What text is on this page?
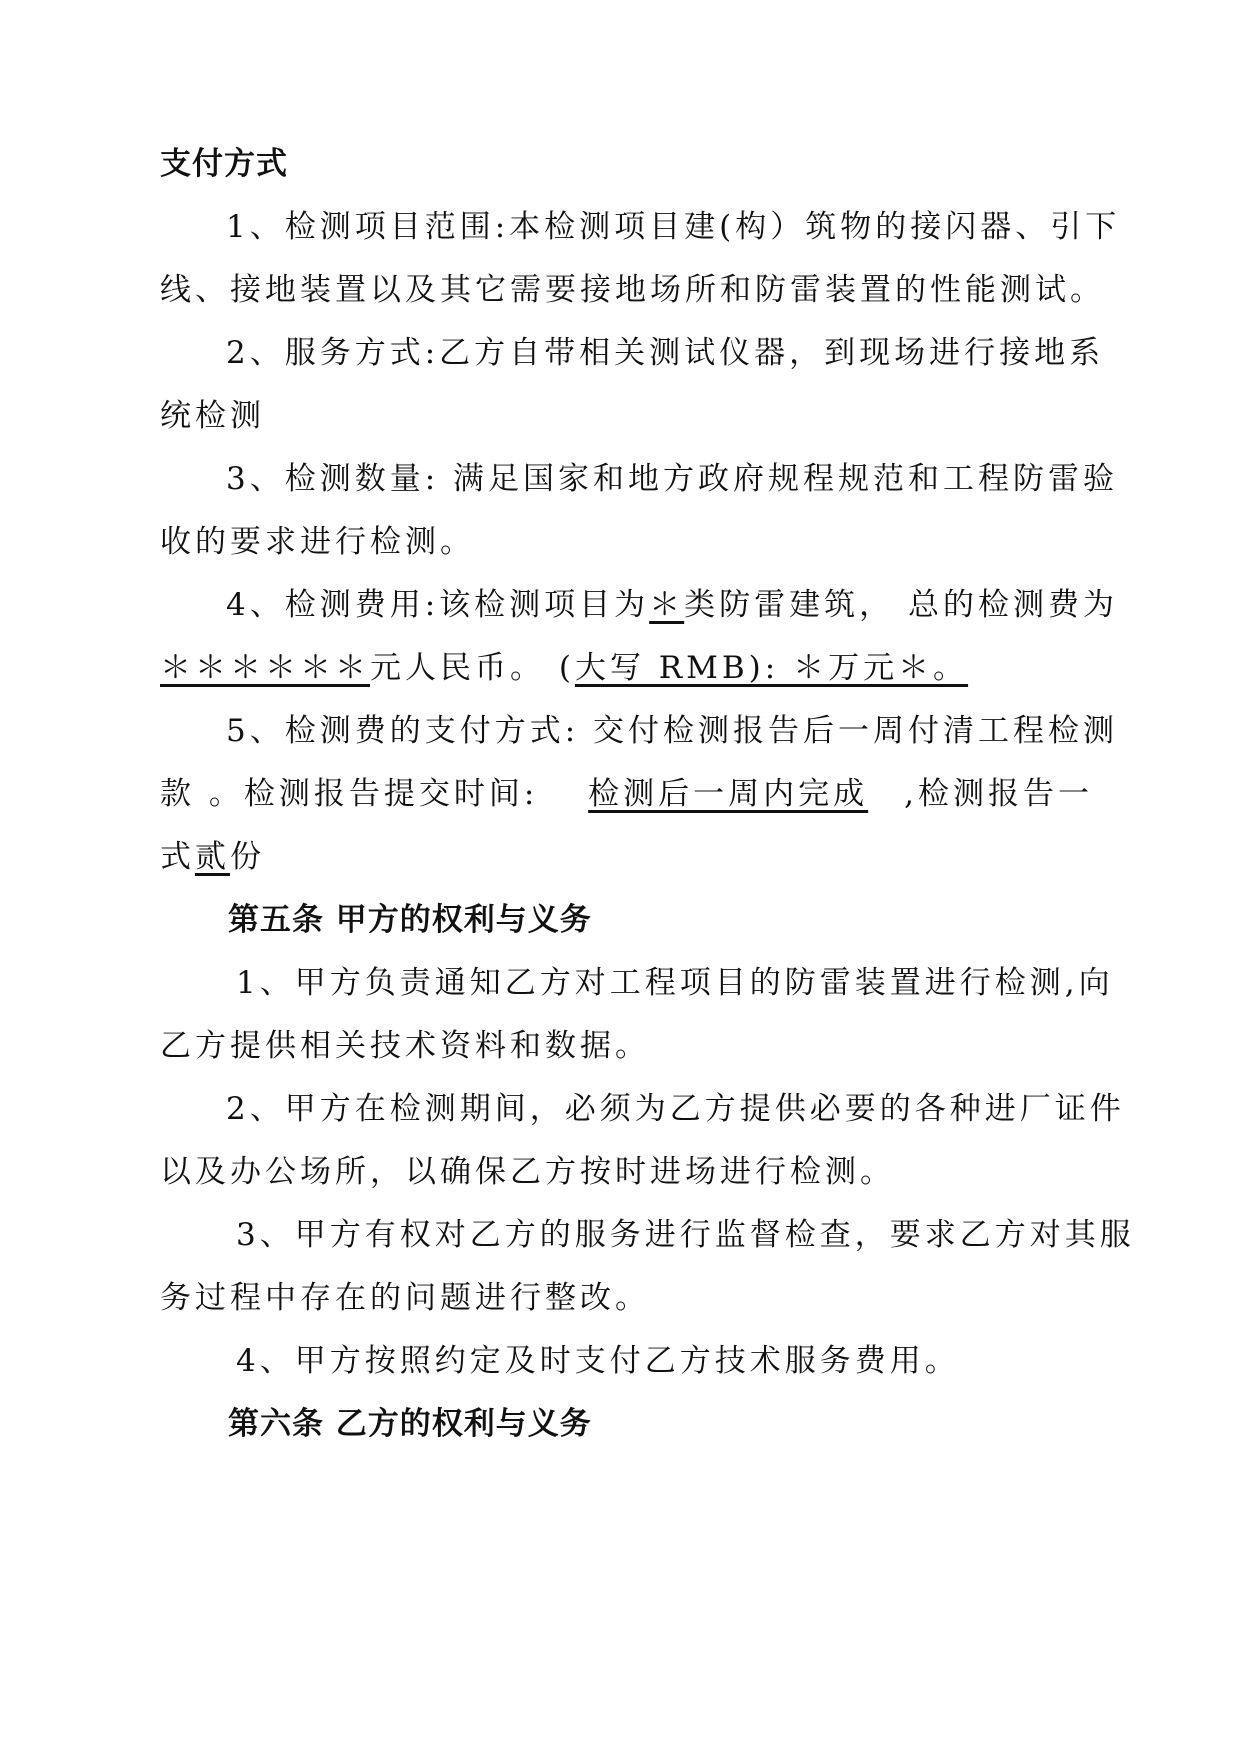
支付方式
1、检测项目范围:本检测项目建(构）筑物的接闪器、引下
线、接地装置以及其它需要接地场所和防雷装置的性能测试。
2、服务方式:乙方自带相关测试仪器，到现场进行接地系
统检测
3、检测数量: 满足国家和地方政府规程规范和工程防雷验
收的要求进行检测。
4、检测费用:该检测项目为＊类防雷建筑， 总的检测费为
＊＊＊＊＊＊元人民币。 (大写 RMB): ＊万元＊。
5、检测费的支付方式: 交付检测报告后一周付清工程检测
款 。检测报告提交时间: 检测后一周内完成 ,检测报告一
式贰份
第五条 甲方的权利与义务
1、甲方负责通知乙方对工程项目的防雷装置进行检测,向
乙方提供相关技术资料和数据。
2、甲方在检测期间，必须为乙方提供必要的各种进厂证件
以及办公场所，以确保乙方按时进场进行检测。
3、甲方有权对乙方的服务进行监督检查，要求乙方对其服
务过程中存在的问题进行整改。
4、甲方按照约定及时支付乙方技术服务费用。
第六条 乙方的权利与义务
